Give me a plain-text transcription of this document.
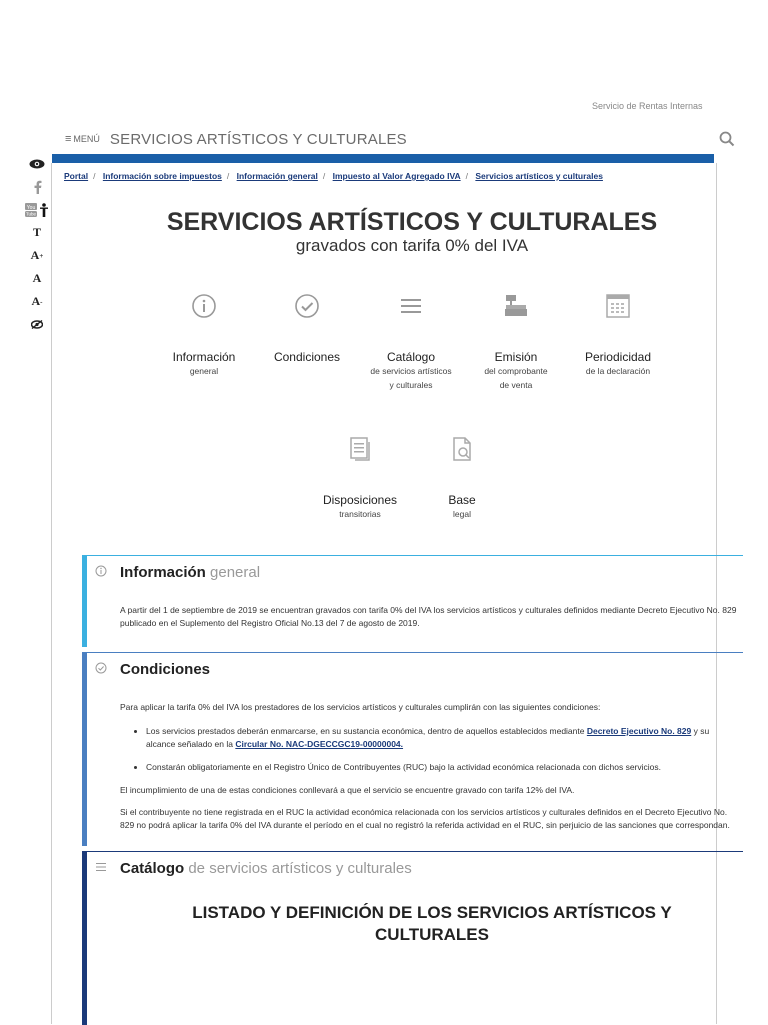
Servicio de Rentas Internas
≡ MENÚ SERVICIOS ARTÍSTICOS Y CULTURALES
You
Tube
T
A +
A
A -
Portal / Información sobre impuestos / Información general / Impuesto al Valor Agregado IVA / Servicios artísticos y culturales
SERVICIOS ARTÍSTICOS Y CULTURALES
gravados con tarifa 0% del IVA
Información
general
Condiciones	Catálogo
de servicios artísticos
y culturales
Emisión
del comprobante
de venta
Periodicidad
de la declaración
Disposiciones
transitorias
Base
legal
Información general

A partir del 1 de septiembre de 2019 se encuentran gravados con tarifa 0% del IVA los servicios artísticos y culturales definidos mediante Decreto Ejecutivo No. 829 publicado en el Suplemento del Registro Oficial No.13 del 7 de agosto de 2019.

Condiciones

Para aplicar la tarifa 0% del IVA los prestadores de los servicios artísticos y culturales cumplirán con las siguientes condiciones:

• Los servicios prestados deberán enmarcarse, en su sustancia económica, dentro de aquellos establecidos mediante Decreto Ejecutivo No. 829 y su alcance señalado en la Circular No. NAC-DGECCGC19-00000004.
• Constarán obligatoriamente en el Registro Único de Contribuyentes (RUC) bajo la actividad económica relacionada con dichos servicios.

El incumplimiento de una de estas condiciones conllevará a que el servicio se encuentre gravado con tarifa 12% del IVA.

Si el contribuyente no tiene registrada en el RUC la actividad económica relacionada con los servicios artísticos y culturales definidos en el Decreto Ejecutivo No. 829 no podrá aplicar la tarifa 0% del IVA durante el período en el cual no registró la referida actividad en el RUC, sin perjuicio de las sanciones que correspondan.

Catálogo de servicios artísticos y culturales
LISTADO Y DEFINICIÓN DE LOS SERVICIOS ARTÍSTICOS Y CULTURALES
